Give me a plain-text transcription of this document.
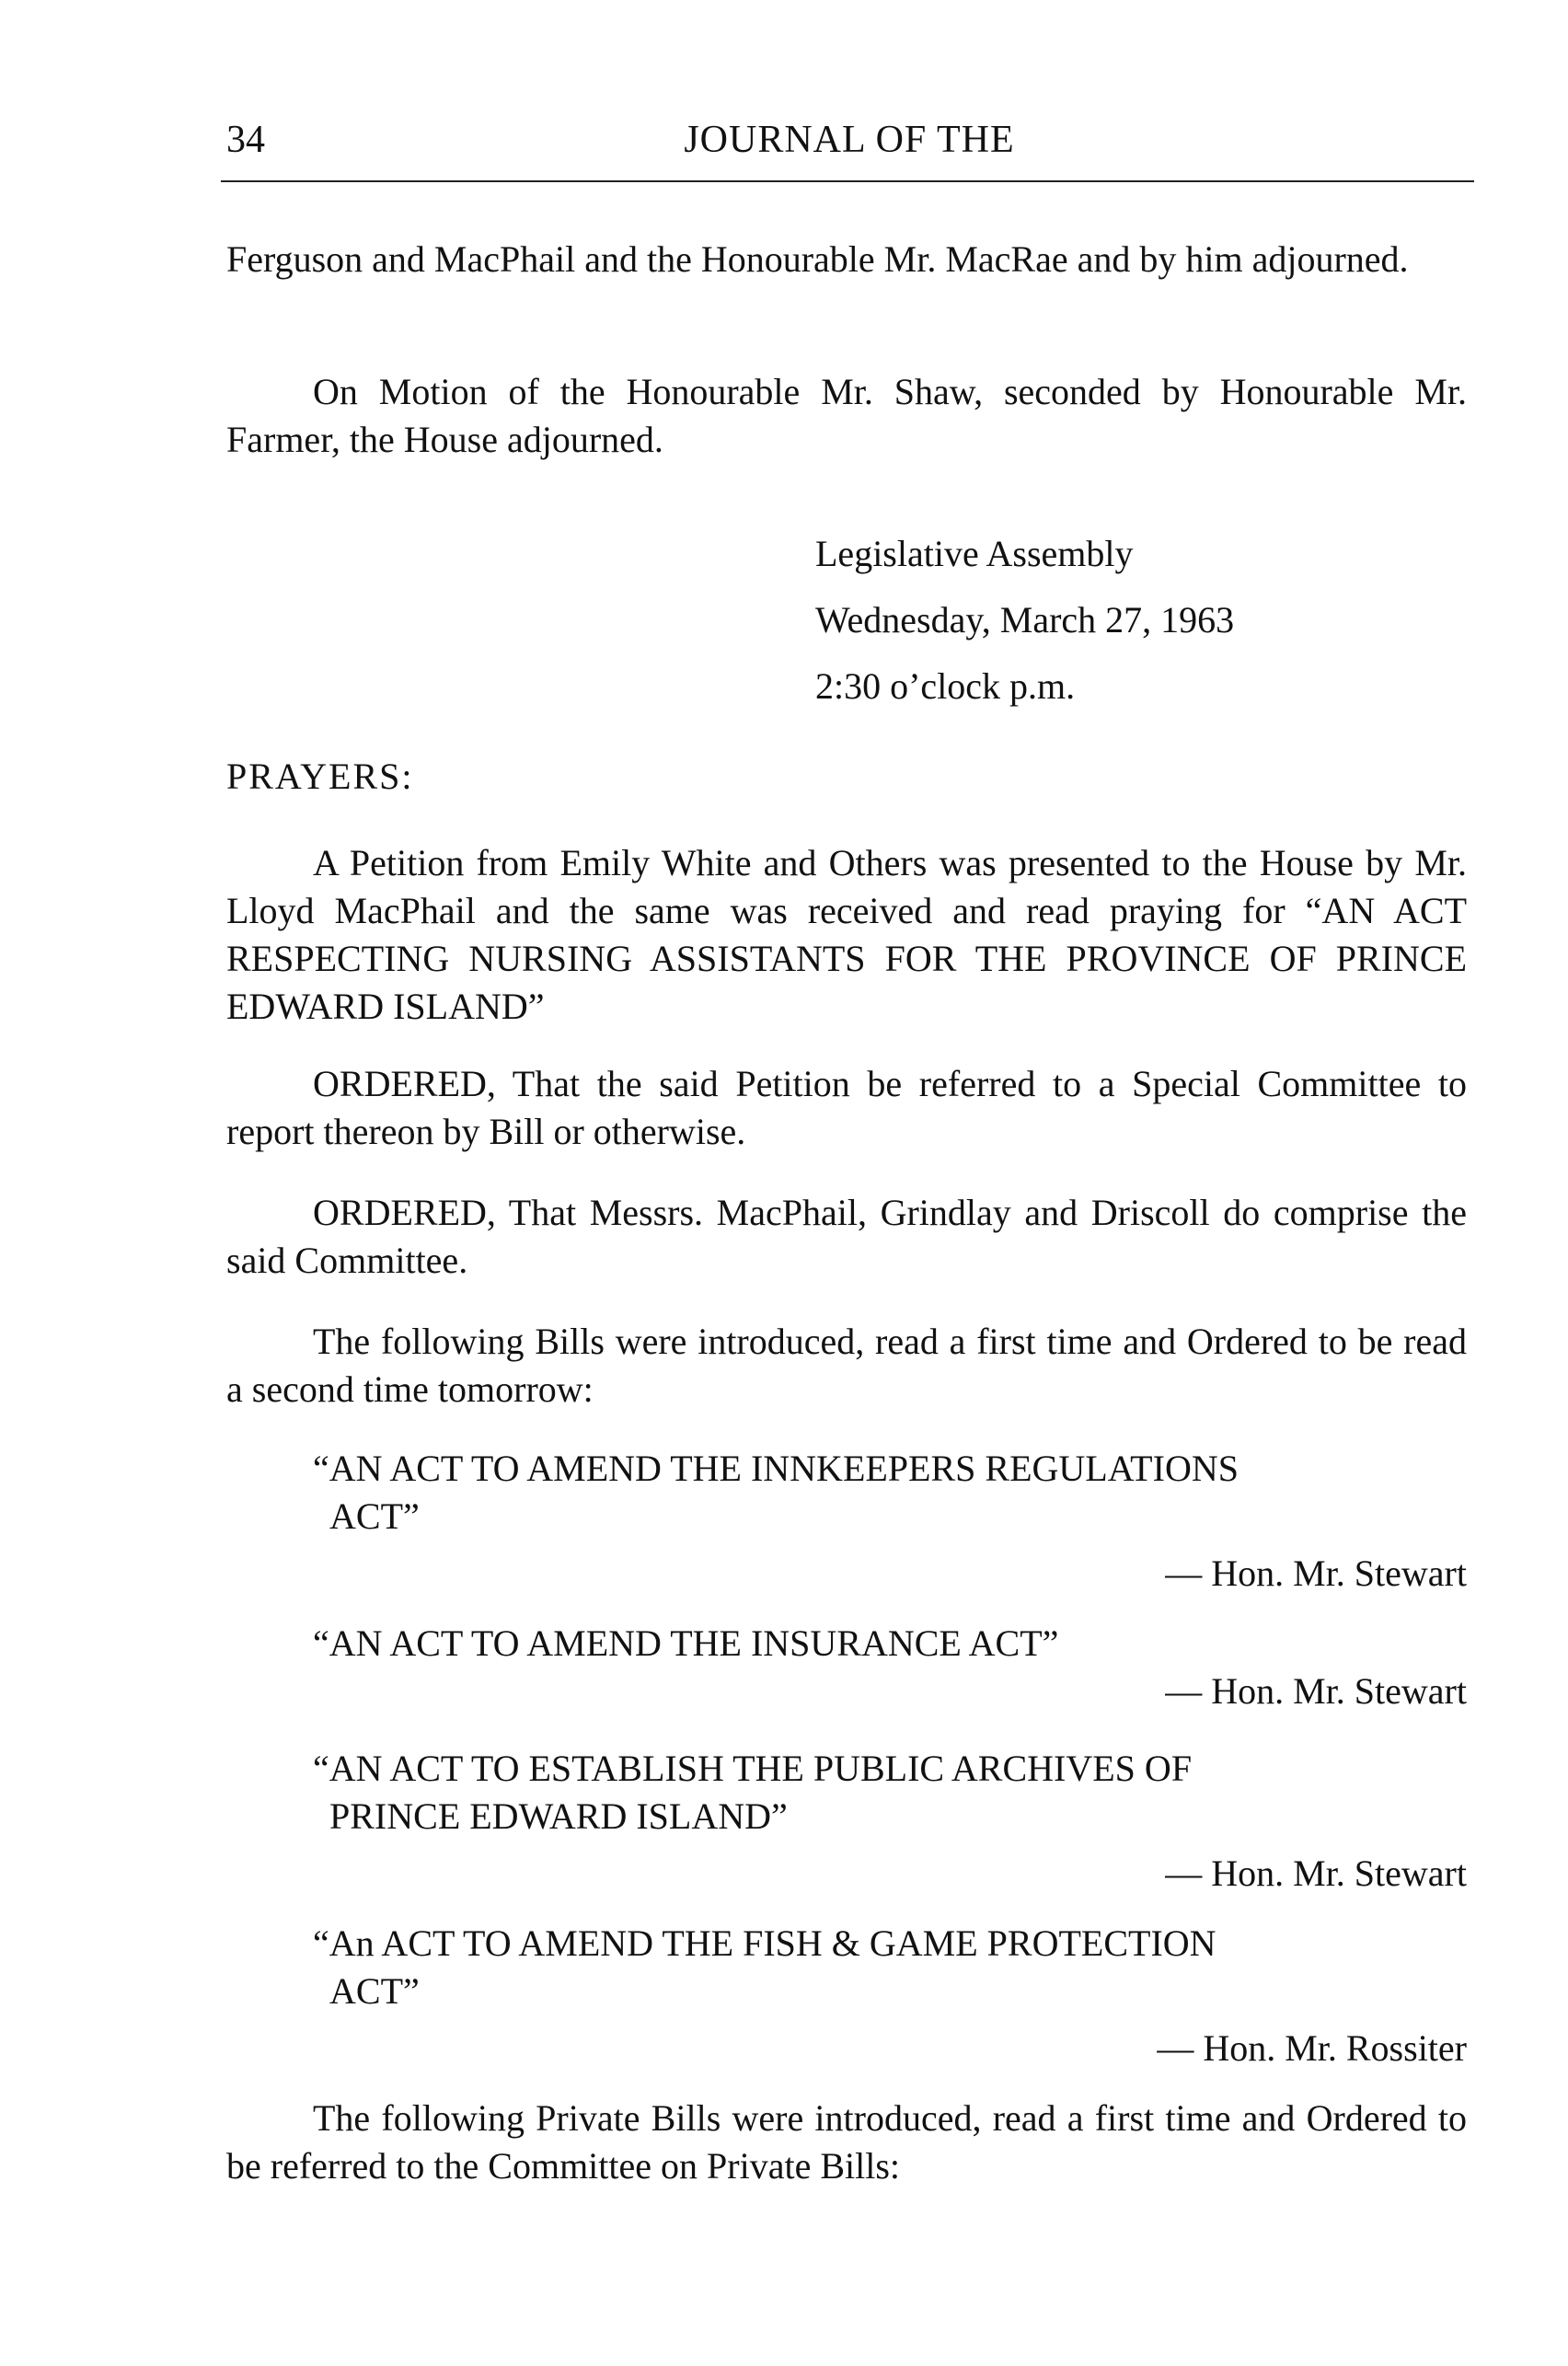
34	JOURNAL OF THE

Ferguson and MacPhail and the Honourable Mr. MacRae and by him adjourned.

On Motion of the Honourable Mr. Shaw, seconded by Honourable Mr. Farmer, the House adjourned.

Legislative Assembly
Wednesday, March 27, 1963
2:30 o’clock p.m.
PRAYERS:

A Petition from Emily White and Others was presented to the House by Mr. Lloyd MacPhail and the same was received and read praying for “AN ACT RESPECTING NURSING ASSISTANTS FOR THE PROVINCE OF PRINCE EDWARD ISLAND”

ORDERED, That the said Petition be referred to a Special Committee to report thereon by Bill or otherwise.

ORDERED, That Messrs. MacPhail, Grindlay and Driscoll do comprise the said Committee.

The following Bills were introduced, read a first time and Ordered to be read a second time tomorrow:

“AN ACT TO AMEND THE INNKEEPERS REGULATIONS
ACT”
— Hon. Mr. Stewart
“AN ACT TO AMEND THE INSURANCE ACT”
— Hon. Mr. Stewart
“AN ACT TO ESTABLISH THE PUBLIC ARCHIVES OF
PRINCE EDWARD ISLAND”
— Hon. Mr. Stewart
“An ACT TO AMEND THE FISH & GAME PROTECTION
ACT”
— Hon. Mr. Rossiter

The following Private Bills were introduced, read a first time and Ordered to be referred to the Committee on Private Bills:
